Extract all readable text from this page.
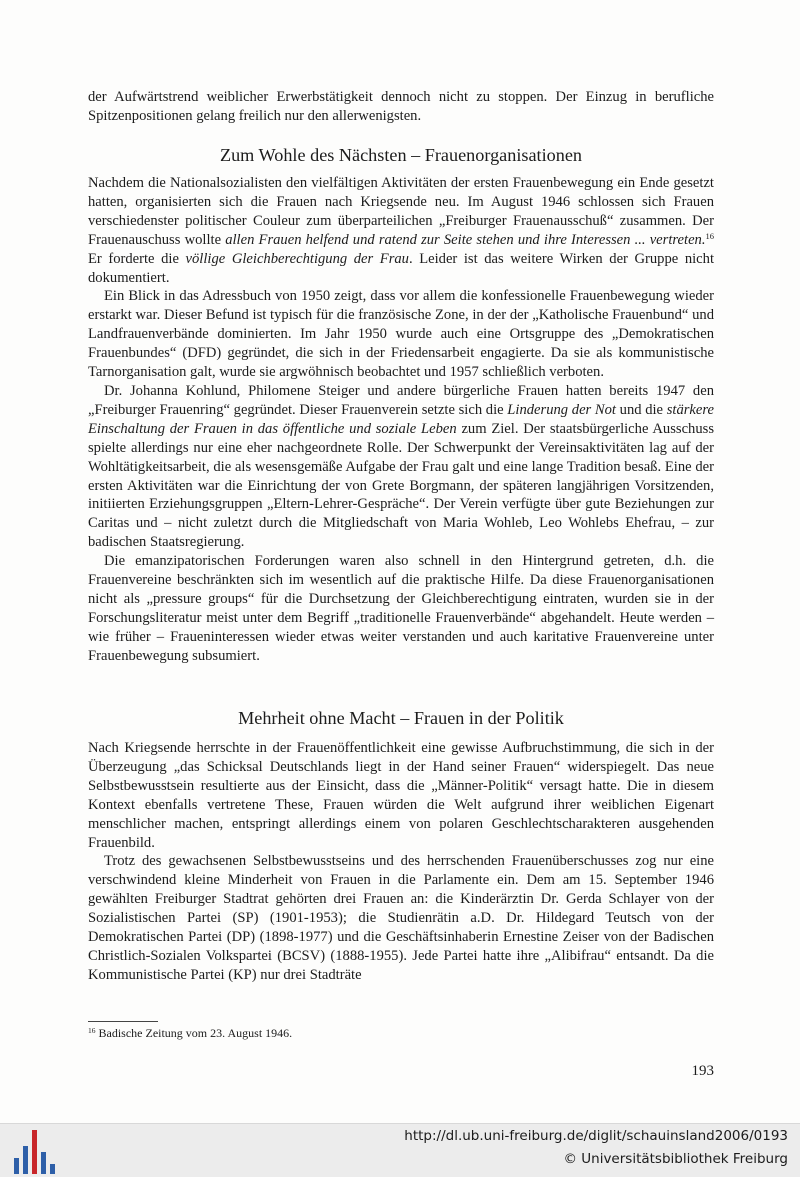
der Aufwärtstrend weiblicher Erwerbstätigkeit dennoch nicht zu stoppen. Der Einzug in berufliche Spitzenpositionen gelang freilich nur den allerwenigsten.

Zum Wohle des Nächsten – Frauenorganisationen

Nachdem die Nationalsozialisten den vielfältigen Aktivitäten der ersten Frauenbewegung ein Ende gesetzt hatten, organisierten sich die Frauen nach Kriegsende neu. Im August 1946 schlossen sich Frauen verschiedenster politischer Couleur zum überparteilichen „Freiburger Frauenausschuß“ zusammen. Der Frauenauschuss wollte allen Frauen helfend und ratend zur Seite stehen und ihre Interessen ... vertreten.$^{16}$ Er forderte die völlige Gleichberechtigung der Frau. Leider ist das weitere Wirken der Gruppe nicht dokumentiert.

Ein Blick in das Adressbuch von 1950 zeigt, dass vor allem die konfessionelle Frauenbewegung wieder erstarkt war. Dieser Befund ist typisch für die französische Zone, in der der „Katholische Frauenbund“ und Landfrauenverbände dominierten. Im Jahr 1950 wurde auch eine Ortsgruppe des „Demokratischen Frauenbundes“ (DFD) gegründet, die sich in der Friedensarbeit engagierte. Da sie als kommunistische Tarnorganisation galt, wurde sie argwöhnisch beobachtet und 1957 schließlich verboten.

Dr. Johanna Kohlund, Philomene Steiger und andere bürgerliche Frauen hatten bereits 1947 den „Freiburger Frauenring“ gegründet. Dieser Frauenverein setzte sich die Linderung der Not und die stärkere Einschaltung der Frauen in das öffentliche und soziale Leben zum Ziel. Der staatsbürgerliche Ausschuss spielte allerdings nur eine eher nachgeordnete Rolle. Der Schwerpunkt der Vereinsaktivitäten lag auf der Wohltätigkeitsarbeit, die als wesensgemäße Aufgabe der Frau galt und eine lange Tradition besaß. Eine der ersten Aktivitäten war die Einrichtung der von Grete Borgmann, der späteren langjährigen Vorsitzenden, initiierten Erziehungsgruppen „Eltern-Lehrer-Gespräche“. Der Verein verfügte über gute Beziehungen zur Caritas und – nicht zuletzt durch die Mitgliedschaft von Maria Wohleb, Leo Wohlebs Ehefrau, – zur badischen Staatsregierung.

Die emanzipatorischen Forderungen waren also schnell in den Hintergrund getreten, d.h. die Frauenvereine beschränkten sich im wesentlich auf die praktische Hilfe. Da diese Frauenorganisationen nicht als „pressure groups“ für die Durchsetzung der Gleichberechtigung eintraten, wurden sie in der Forschungsliteratur meist unter dem Begriff „traditionelle Frauenverbände“ abgehandelt. Heute werden – wie früher – Fraueninteressen wieder etwas weiter verstanden und auch karitative Frauenvereine unter Frauenbewegung subsumiert.

Mehrheit ohne Macht – Frauen in der Politik

Nach Kriegsende herrschte in der Frauenöffentlichkeit eine gewisse Aufbruchstimmung, die sich in der Überzeugung „das Schicksal Deutschlands liegt in der Hand seiner Frauen“ widerspiegelt. Das neue Selbstbewusstsein resultierte aus der Einsicht, dass die „Männer-Politik“ versagt hatte. Die in diesem Kontext ebenfalls vertretene These, Frauen würden die Welt aufgrund ihrer weiblichen Eigenart menschlicher machen, entspringt allerdings einem von polaren Geschlechtscharakteren ausgehenden Frauenbild.

Trotz des gewachsenen Selbstbewusstseins und des herrschenden Frauenüberschusses zog nur eine verschwindend kleine Minderheit von Frauen in die Parlamente ein. Dem am 15. September 1946 gewählten Freiburger Stadtrat gehörten drei Frauen an: die Kinderärztin Dr. Gerda Schlayer von der Sozialistischen Partei (SP) (1901-1953); die Studienrätin a.D. Dr. Hildegard Teutsch von der Demokratischen Partei (DP) (1898-1977) und die Geschäftsinhaberin Ernestine Zeiser von der Badischen Christlich-Sozialen Volkspartei (BCSV) (1888-1955). Jede Partei hatte ihre „Alibifrau“ entsandt. Da die Kommunistische Partei (KP) nur drei Stadträte

$^{16}$ Badische Zeitung vom 23. August 1946.
193
http://dl.ub.uni-freiburg.de/diglit/schauinsland2006/0193
© Universitätsbibliothek Freiburg
